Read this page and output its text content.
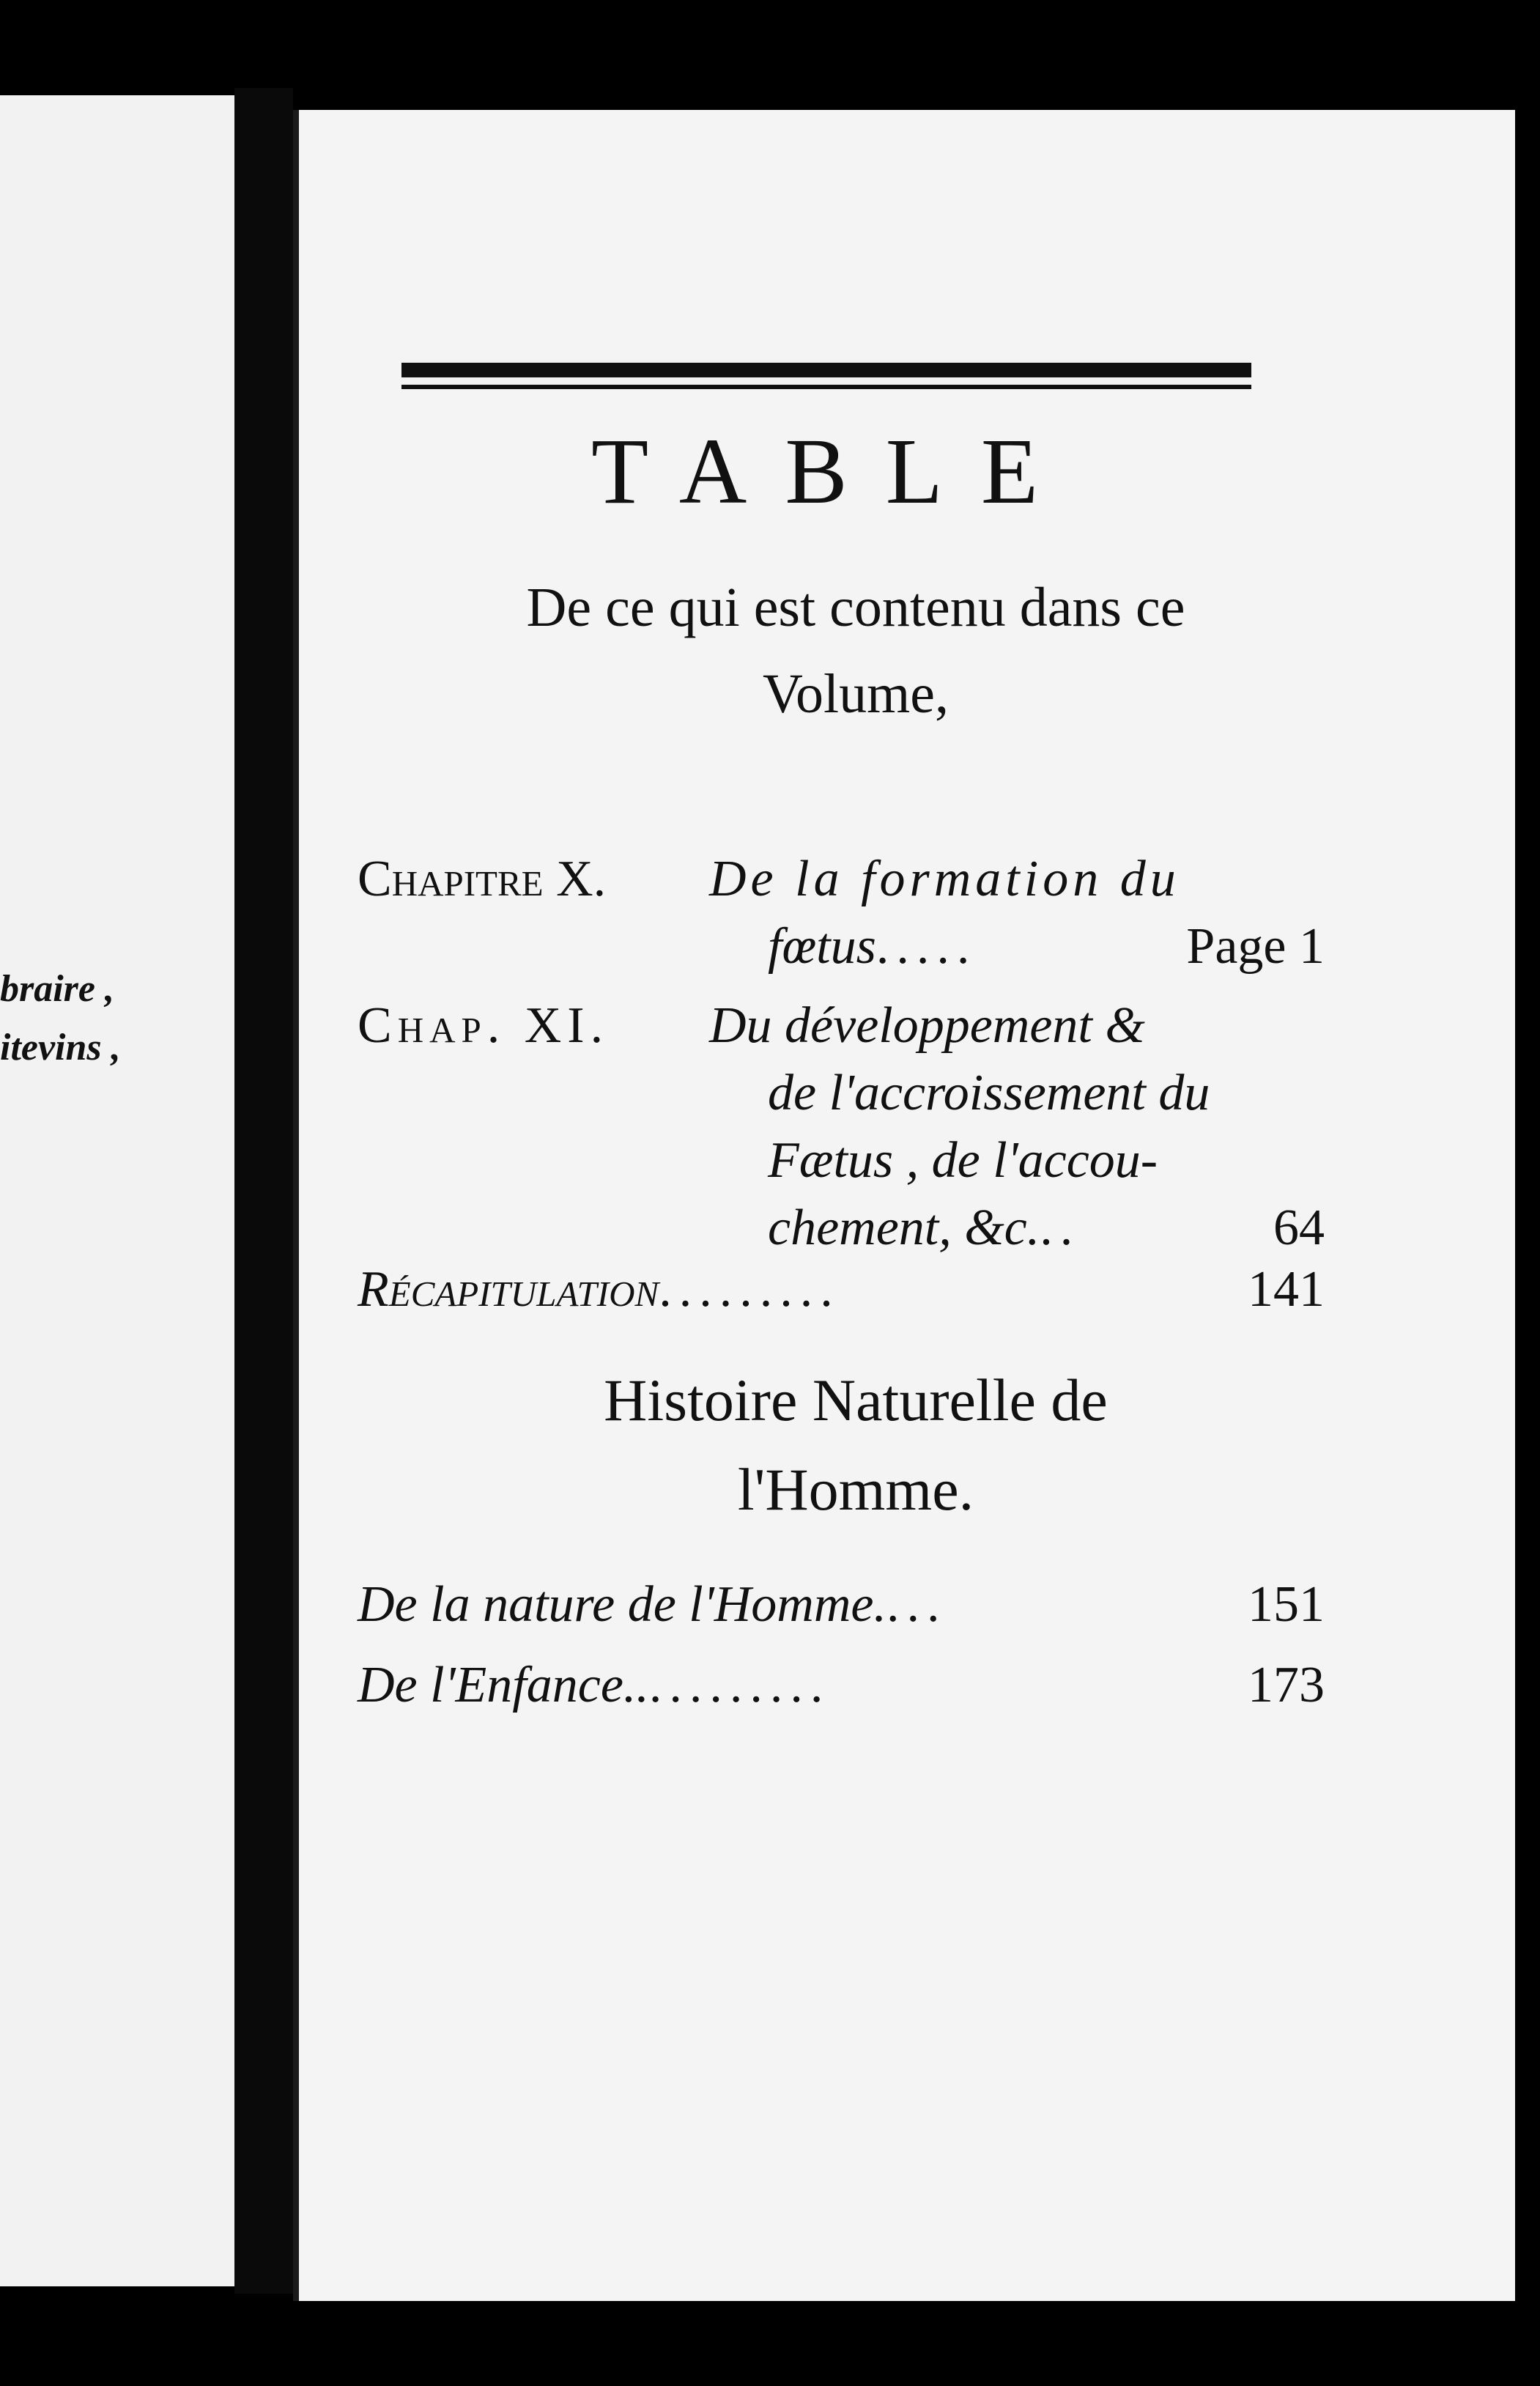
braire ,
itevins ,
TABLE
De ce qui est contenu dans ce
Volume,
Chapitre X. De la formation du
fœtus.....	Page 1
Chap. XI. Du développement &
de l'accroissement du
Fætus , de l'accou-
chement, &c...	64
Récapitulation.........	141
Histoire Naturelle de
l'Homme.
De la nature de l'Homme....	151
De l'Enfance...........	173
